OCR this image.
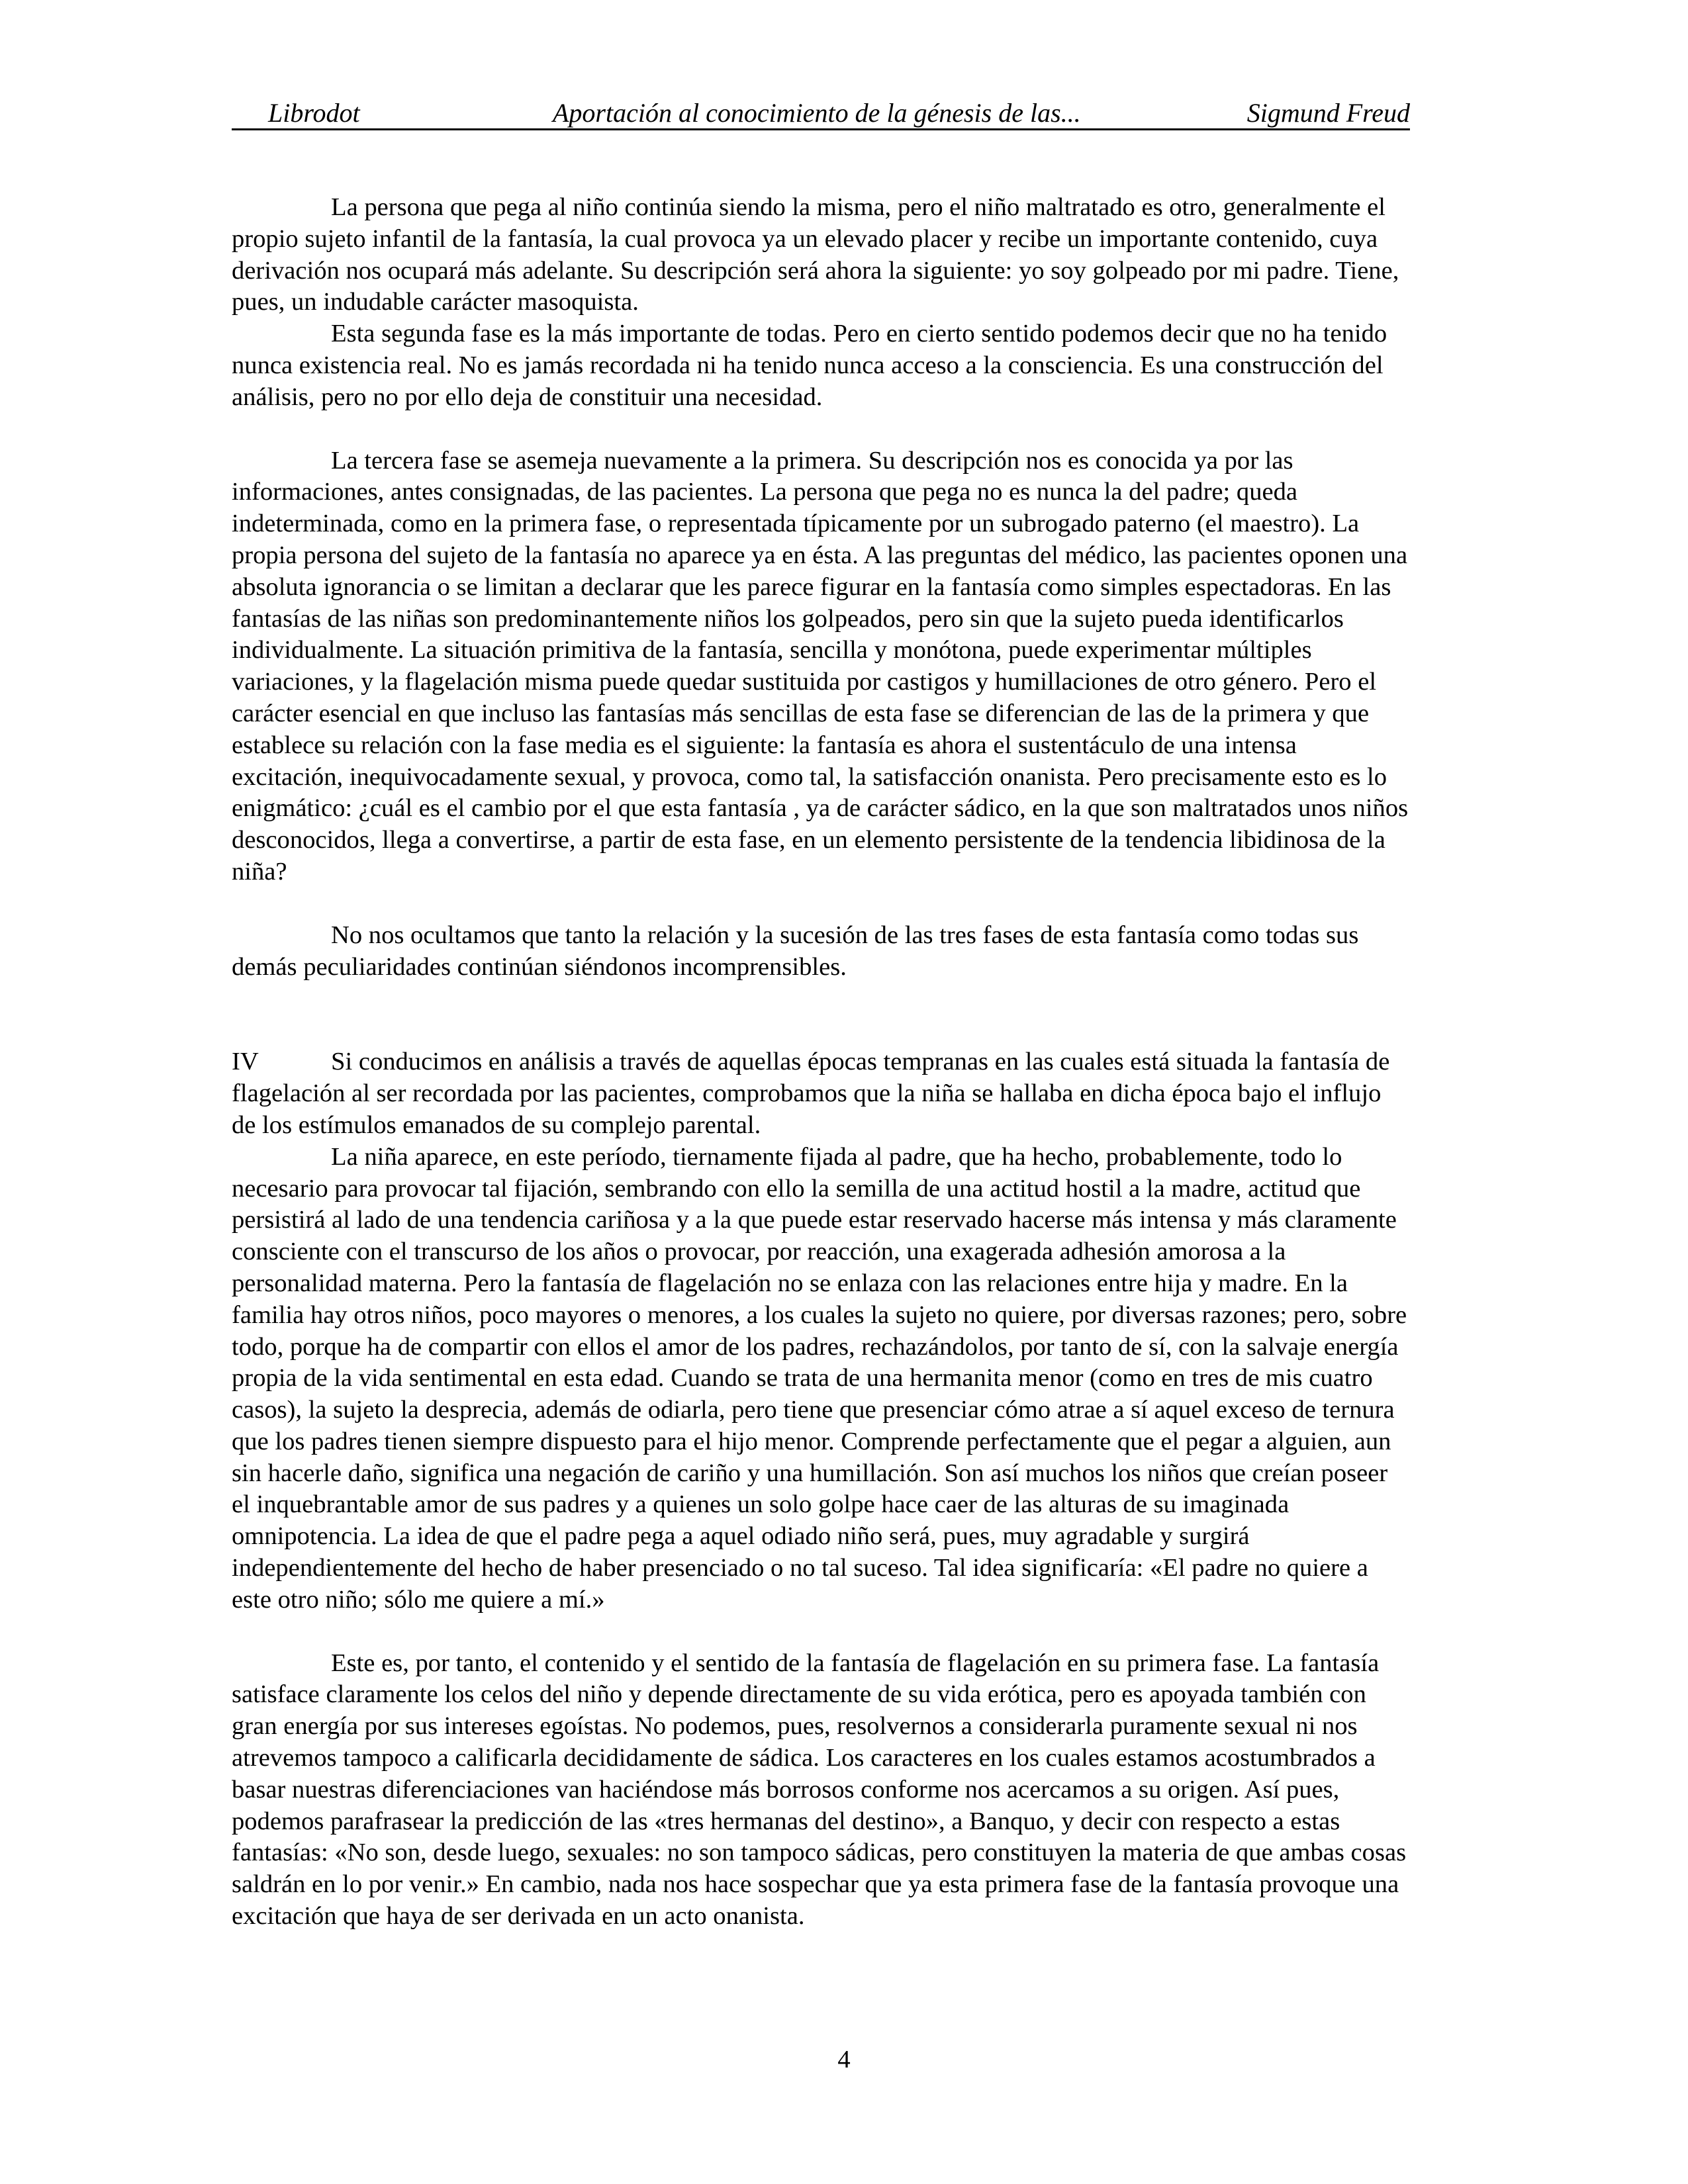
Librodot	Aportación al conocimiento de la génesis de las...	Sigmund Freud

La persona que pega al niño continúa siendo la misma, pero el niño maltratado es otro, generalmente el propio sujeto infantil de la fantasía, la cual provoca ya un elevado placer y recibe un importante contenido, cuya derivación nos ocupará más adelante. Su descripción será ahora la siguiente: yo soy golpeado por mi padre. Tiene, pues, un indudable carácter masoquista.

Esta segunda fase es la más importante de todas. Pero en cierto sentido podemos decir que no ha tenido nunca existencia real. No es jamás recordada ni ha tenido nunca acceso a la consciencia. Es una construcción del análisis, pero no por ello deja de constituir una necesidad.

La tercera fase se asemeja nuevamente a la primera. Su descripción nos es conocida ya por las informaciones, antes consignadas, de las pacientes. La persona que pega no es nunca la del padre; queda indeterminada, como en la primera fase, o representada típicamente por un subrogado paterno (el maestro). La propia persona del sujeto de la fantasía no aparece ya en ésta. A las preguntas del médico, las pacientes oponen una absoluta ignorancia o se limitan a declarar que les parece figurar en la fantasía como simples espectadoras. En las fantasías de las niñas son predominantemente niños los golpeados, pero sin que la sujeto pueda identificarlos individualmente. La situación primitiva de la fantasía, sencilla y monótona, puede experimentar múltiples variaciones, y la flagelación misma puede quedar sustituida por castigos y humillaciones de otro género. Pero el carácter esencial en que incluso las fantasías más sencillas de esta fase se diferencian de las de la primera y que establece su relación con la fase media es el siguiente: la fantasía es ahora el sustentáculo de una intensa excitación, inequivocadamente sexual, y provoca, como tal, la satisfacción onanista. Pero precisamente esto es lo enigmático: ¿cuál es el cambio por el que esta fantasía , ya de carácter sádico, en la que son maltratados unos niños desconocidos, llega a convertirse, a partir de esta fase, en un elemento persistente de la tendencia libidinosa de la niña?

No nos ocultamos que tanto la relación y la sucesión de las tres fases de esta fantasía como todas sus demás peculiaridades continúan siéndonos incomprensibles.

IV	Si conducimos en análisis a través de aquellas épocas tempranas en las cuales está situada la fantasía de flagelación al ser recordada por las pacientes, comprobamos que la niña se hallaba en dicha época bajo el influjo de los estímulos emanados de su complejo parental.

La niña aparece, en este período, tiernamente fijada al padre, que ha hecho, probablemente, todo lo necesario para provocar tal fijación, sembrando con ello la semilla de una actitud hostil a la madre, actitud que persistirá al lado de una tendencia cariñosa y a la que puede estar reservado hacerse más intensa y más claramente consciente con el transcurso de los años o provocar, por reacción, una exagerada adhesión amorosa a la personalidad materna. Pero la fantasía de flagelación no se enlaza con las relaciones entre hija y madre. En la familia hay otros niños, poco mayores o menores, a los cuales la sujeto no quiere, por diversas razones; pero, sobre todo, porque ha de compartir con ellos el amor de los padres, rechazándolos, por tanto de sí, con la salvaje energía propia de la vida sentimental en esta edad. Cuando se trata de una hermanita menor (como en tres de mis cuatro casos), la sujeto la desprecia, además de odiarla, pero tiene que presenciar cómo atrae a sí aquel exceso de ternura que los padres tienen siempre dispuesto para el hijo menor. Comprende perfectamente que el pegar a alguien, aun sin hacerle daño, significa una negación de cariño y una humillación. Son así muchos los niños que creían poseer el inquebrantable amor de sus padres y a quienes un solo golpe hace caer de las alturas de su imaginada omnipotencia. La idea de que el padre pega a aquel odiado niño será, pues, muy agradable y surgirá independientemente del hecho de haber presenciado o no tal suceso. Tal idea significaría: «El padre no quiere a este otro niño; sólo me quiere a mí.»

Este es, por tanto, el contenido y el sentido de la fantasía de flagelación en su primera fase. La fantasía satisface claramente los celos del niño y depende directamente de su vida erótica, pero es apoyada también con gran energía por sus intereses egoístas. No podemos, pues, resolvernos a considerarla puramente sexual ni nos atrevemos tampoco a calificarla decididamente de sádica. Los caracteres en los cuales estamos acostumbrados a basar nuestras diferenciaciones van haciéndose más borrosos conforme nos acercamos a su origen. Así pues, podemos parafrasear la predicción de las «tres hermanas del destino», a Banquo, y decir con respecto a estas fantasías: «No son, desde luego, sexuales: no son tampoco sádicas, pero constituyen la materia de que ambas cosas saldrán en lo por venir.» En cambio, nada nos hace sospechar que ya esta primera fase de la fantasía provoque una excitación que haya de ser derivada en un acto onanista.

4
